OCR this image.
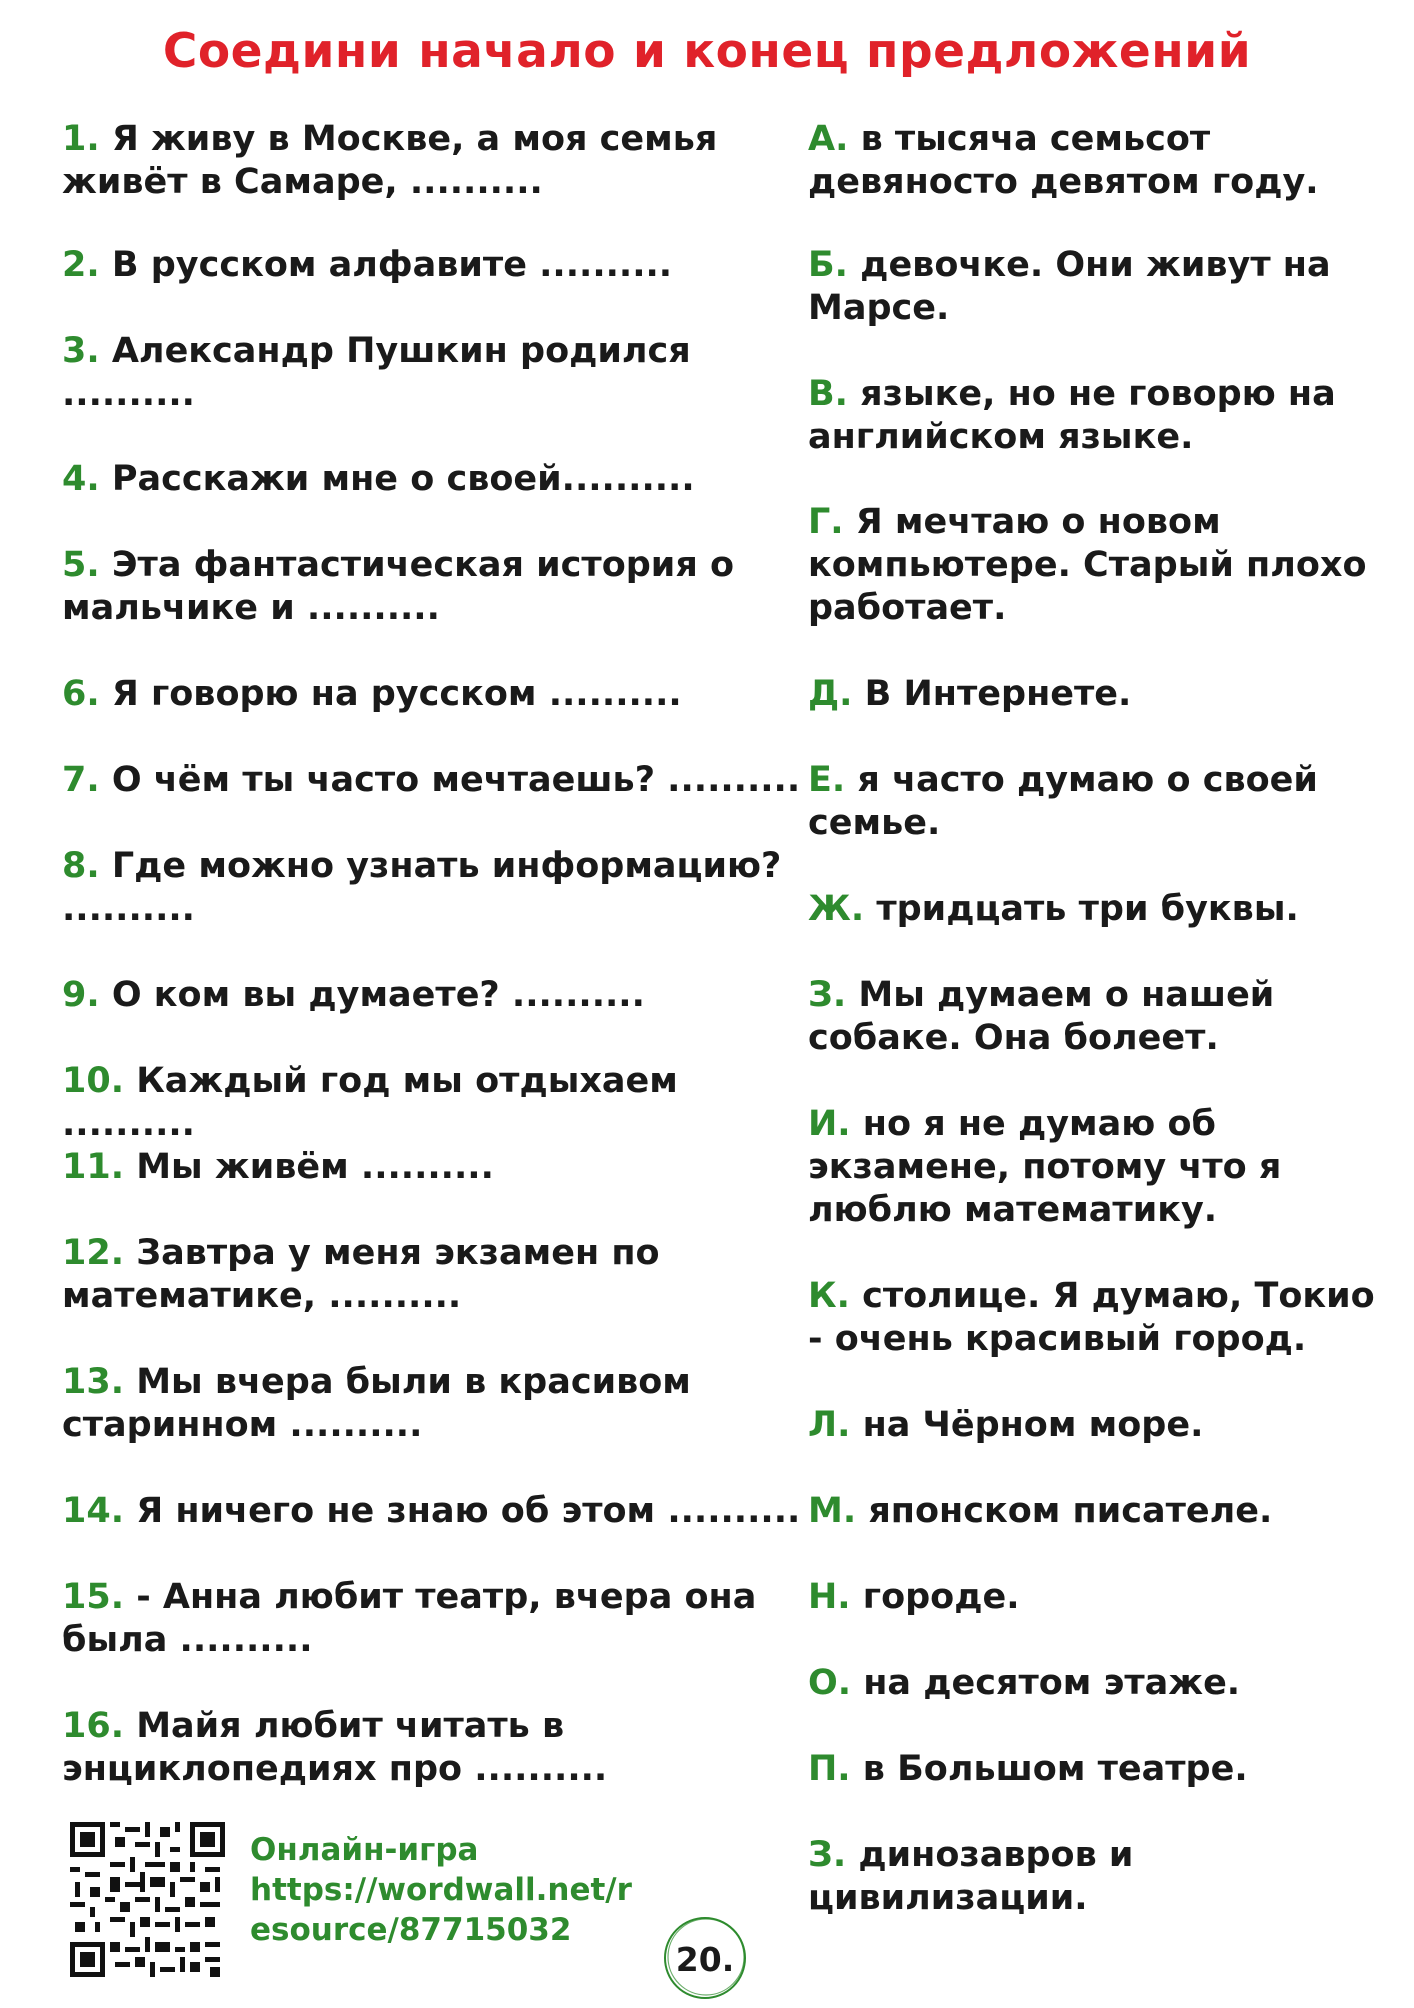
Соедини начало и конец предложений
1. Я живу в Москве, а моя семья живёт в Самаре, ..........
2. В русском алфавите ..........
3. Александр Пушкин родился ..........
4. Расскажи мне о своей..........
5. Эта фантастическая история о мальчике и ..........
6. Я говорю на русском ..........
7. О чём ты часто мечтаешь? ..........
8. Где можно узнать информацию? ..........
9. О ком вы думаете? ..........
10. Каждый год мы отдыхаем ..........
11. Мы живём ..........
12. Завтра у меня экзамен по математике, ..........
13. Мы вчера были в красивом старинном ..........
14. Я ничего не знаю об этом ..........
15. - Анна любит театр, вчера она была ..........
16. Майя любит читать в энциклопедиях про ..........
А. в тысяча семьсот девяносто девятом году.
Б. девочке. Они живут на Марсе.
В. языке, но не говорю на английском языке.
Г. Я мечтаю о новом компьютере. Старый плохо работает.
Д. В Интернете.
Е. я часто думаю о своей семье.
Ж. тридцать три буквы.
З. Мы думаем о нашей собаке. Она болеет.
И. но я не думаю об экзамене, потому что я люблю математику.
К. столице. Я думаю, Токио - очень красивый город.
Л. на Чёрном море.
М. японском писателе.
Н. городе.
О. на десятом этаже.
П. в Большом театре.
З. динозавров и цивилизации.
Онлайн-игра
https://wordwall.net/resource/87715032
20.
